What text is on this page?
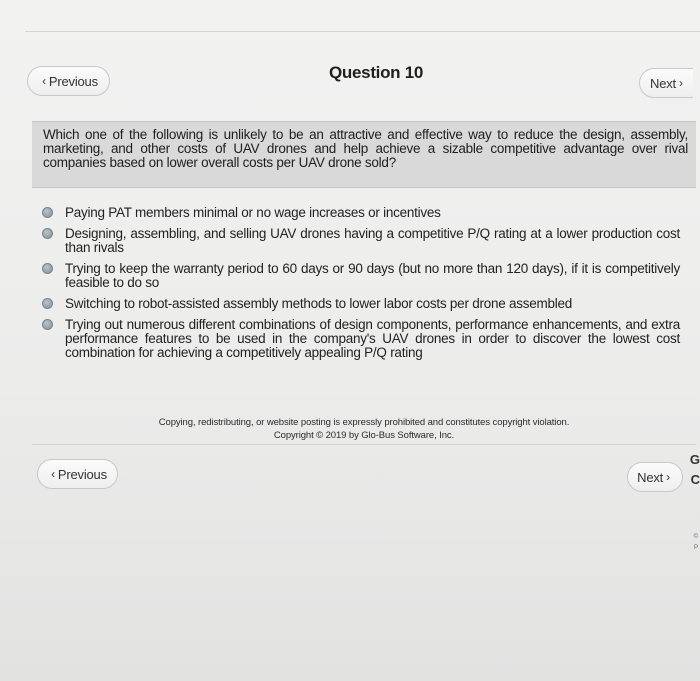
‹ Previous	Question 10
Next ›
Which one of the following is unlikely to be an attractive and effective way to reduce the design, assembly, marketing, and other costs of UAV drones and help achieve a sizable competitive advantage over rival companies based on lower overall costs per UAV drone sold?
Paying PAT members minimal or no wage increases or incentives
Designing, assembling, and selling UAV drones having a competitive P/Q rating at a lower production cost than rivals
Trying to keep the warranty period to 60 days or 90 days (but no more than 120 days), if it is competitively feasible to do so
Switching to robot-assisted assembly methods to lower labor costs per drone assembled
Trying out numerous different combinations of design components, performance enhancements, and extra performance features to be used in the company's UAV drones in order to discover the lowest cost combination for achieving a competitively appealing P/Q rating
Copying, redistributing, or website posting is expressly prohibited and constitutes copyright violation.
Copyright © 2019 by Glo-Bus Software, Inc.
‹ Previous	Next ›
G
C
©
P
